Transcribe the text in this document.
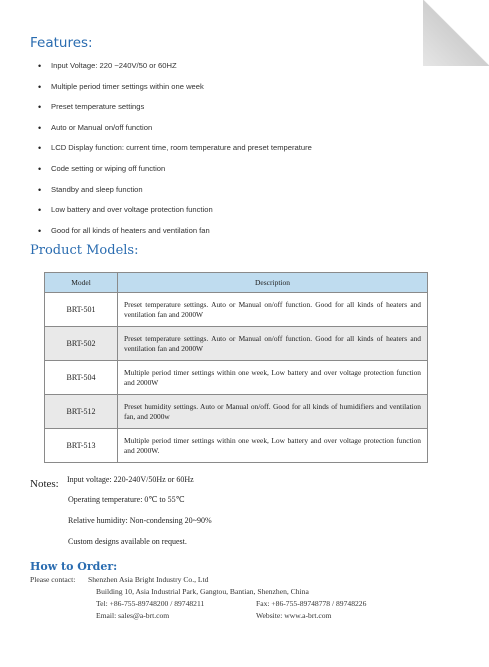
Features:
• Input Voltage: 220 ~240V/50 or 60HZ
• Multiple period timer settings within one week
• Preset temperature settings
• Auto or Manual on/off function
• LCD Display function: current time, room temperature and preset temperature
• Code setting or wiping off function
• Standby and sleep function
• Low battery and over voltage protection function
• Good for all kinds of heaters and ventilation fan
Product Models:
Model	Description
BRT-501	Preset temperature settings. Auto or Manual on/off function. Good for all kinds of heaters and ventilation fan and 2000W
BRT-502	Preset temperature settings. Auto or Manual on/off function. Good for all kinds of heaters and ventilation fan and 2000W
BRT-504	Multiple period timer settings within one week, Low battery and over voltage protection function and 2000W
BRT-512	Preset humidity settings. Auto or Manual on/off. Good for all kinds of humidifiers and ventilation fan, and 2000w
BRT-513	Multiple period timer settings within one week, Low battery and over voltage protection function and 2000W.
Notes: Input voltage: 220-240V/50Hz or 60Hz
Operating temperature: 0℃ to 55℃
Relative humidity: Non-condensing 20~90%
Custom designs available on request.
How to Order:
Please contact: Shenzhen Asia Bright Industry Co., Ltd
Building 10, Asia Industrial Park, Gangtou, Bantian, Shenzhen, China
Tel: +86-755-89748200 / 89748211	Fax: +86-755-89748778 / 89748226
Email: sales@a-brt.com	Website: www.a-brt.com
